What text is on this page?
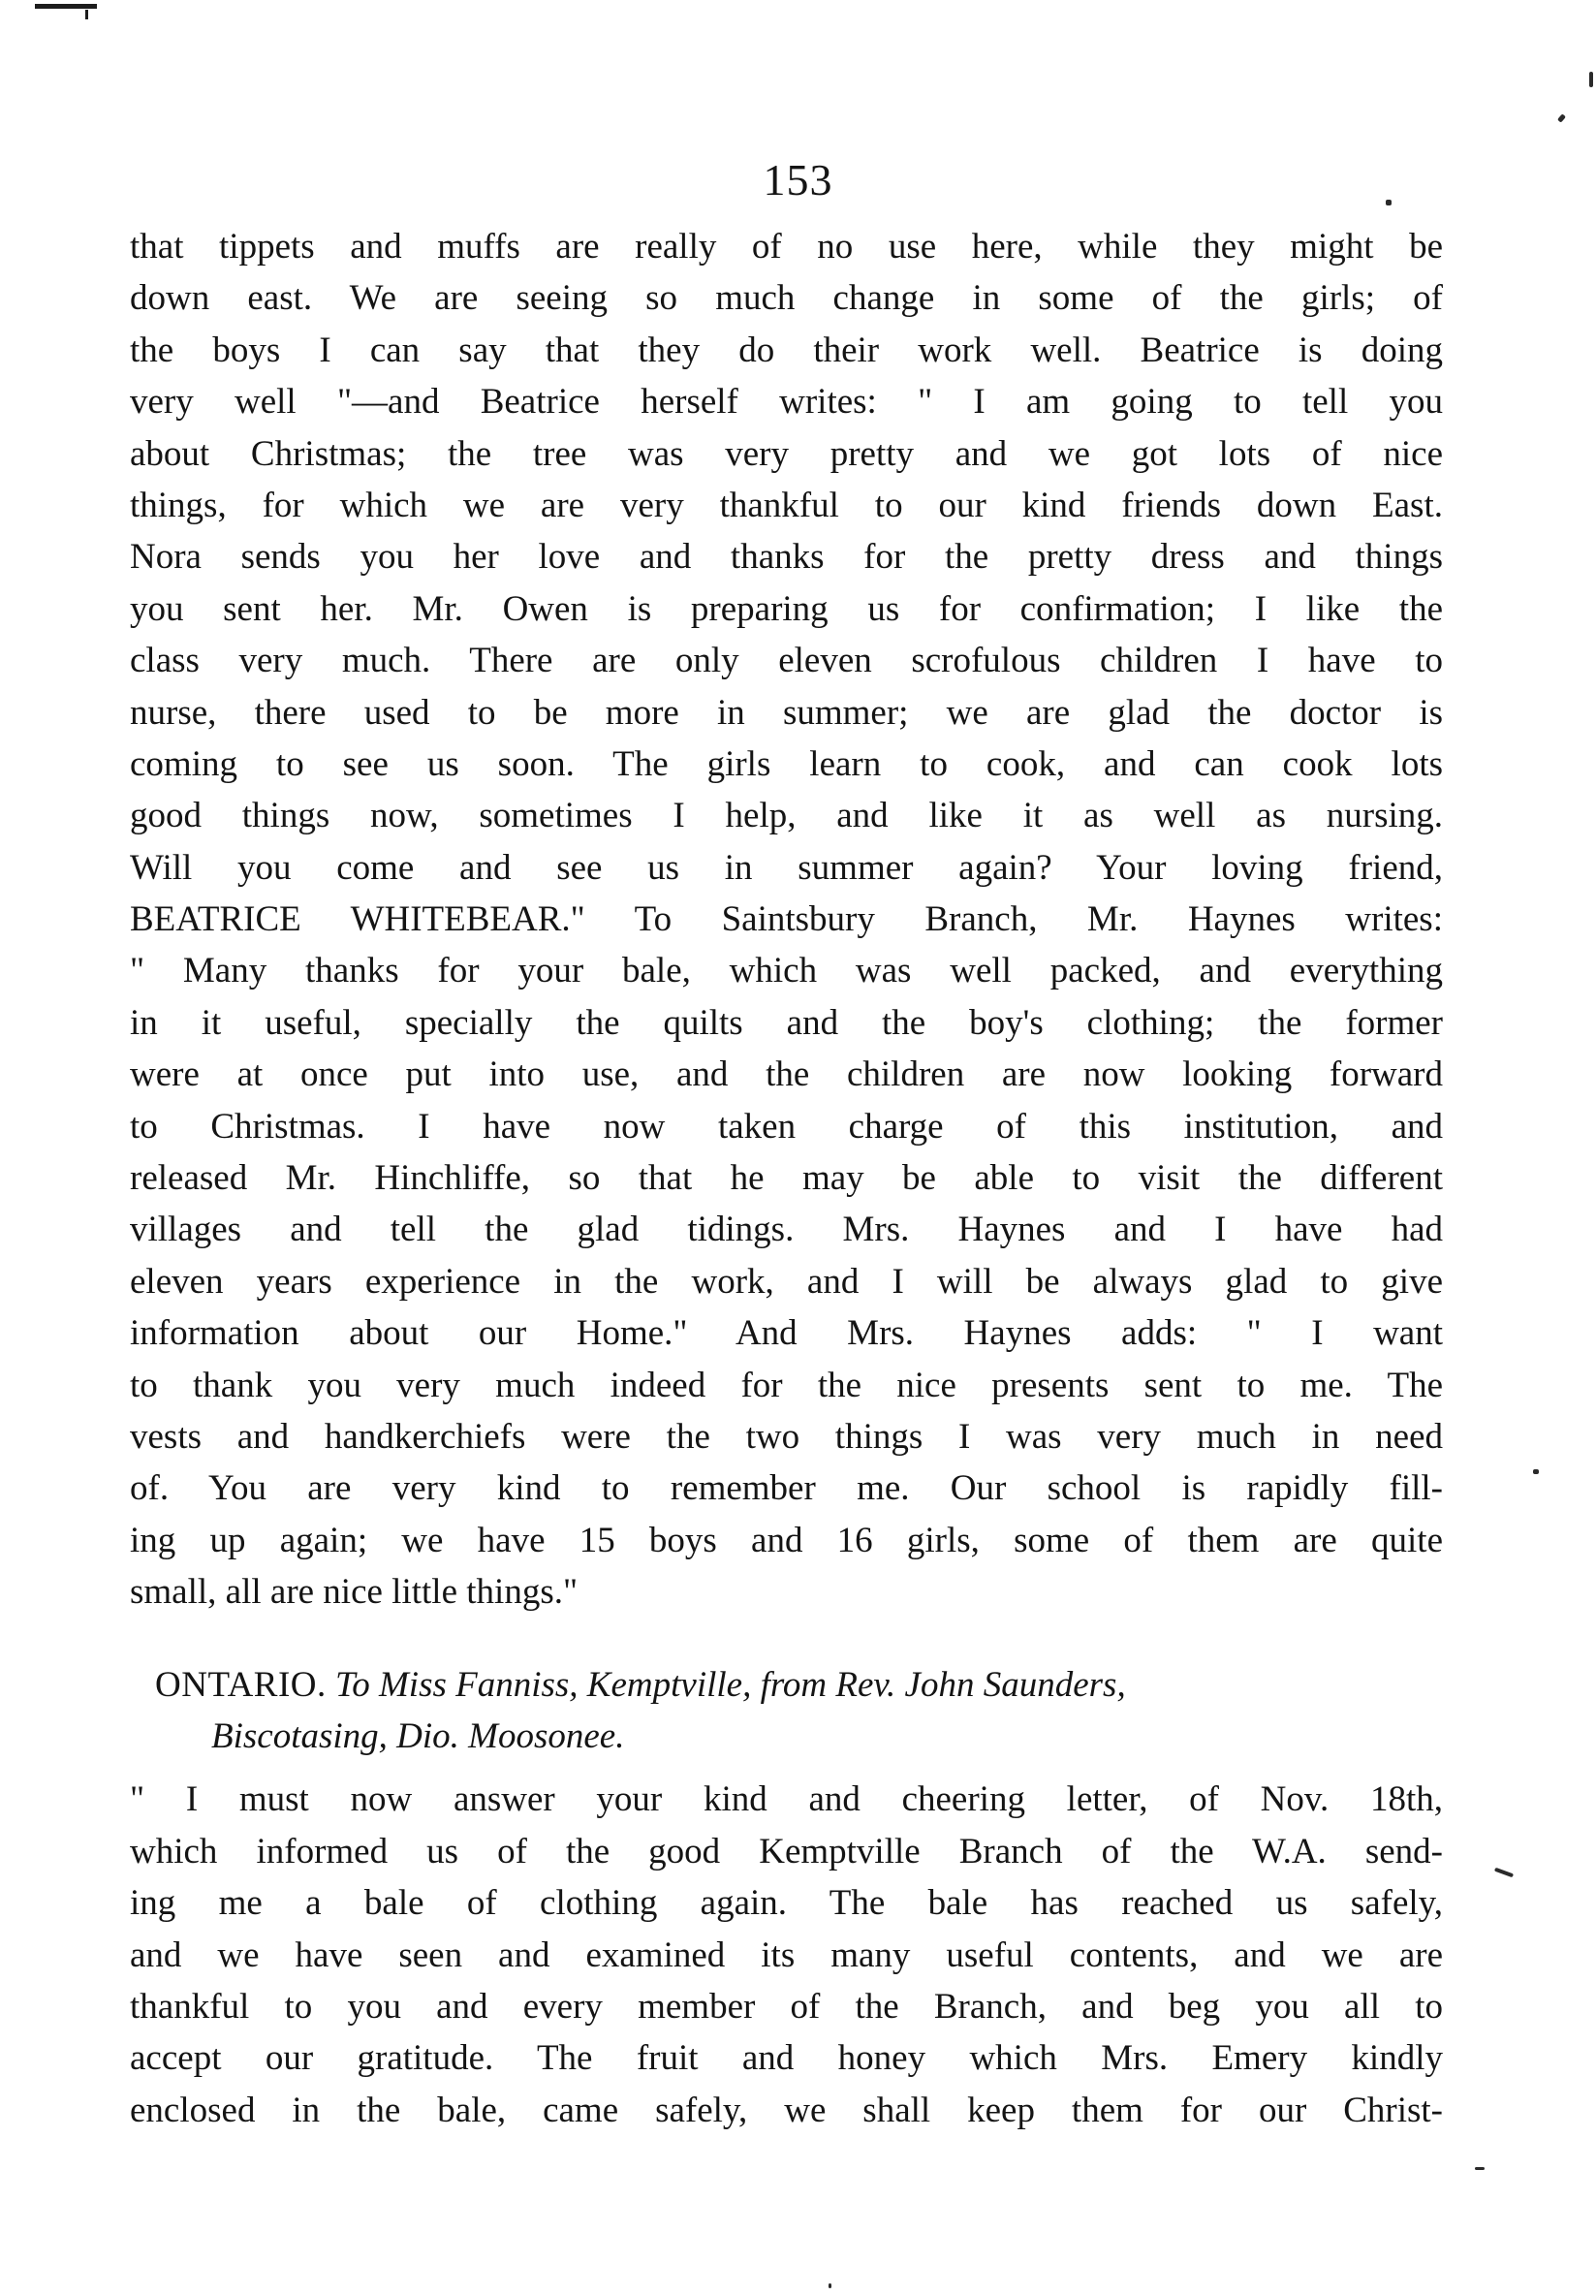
153
that tippets and muffs are really of no use here, while they might be
down east. We are seeing so much change in some of the girls; of
the boys I can say that they do their work well. Beatrice is doing
very well "—and Beatrice herself writes: " I am going to tell you
about Christmas; the tree was very pretty and we got lots of nice
things, for which we are very thankful to our kind friends down East.
Nora sends you her love and thanks for the pretty dress and things
you sent her. Mr. Owen is preparing us for confirmation; I like the
class very much. There are only eleven scrofulous children I have to
nurse, there used to be more in summer; we are glad the doctor is
coming to see us soon. The girls learn to cook, and can cook lots
good things now, sometimes I help, and like it as well as nursing.
Will you come and see us in summer again? Your loving friend,
BEATRICE WHITEBEAR." To Saintsbury Branch, Mr. Haynes writes:
" Many thanks for your bale, which was well packed, and everything
in it useful, specially the quilts and the boy's clothing; the former
were at once put into use, and the children are now looking forward
to Christmas. I have now taken charge of this institution, and
released Mr. Hinchliffe, so that he may be able to visit the different
villages and tell the glad tidings. Mrs. Haynes and I have had
eleven years experience in the work, and I will be always glad to give
information about our Home." And Mrs. Haynes adds: " I want
to thank you very much indeed for the nice presents sent to me. The
vests and handkerchiefs were the two things I was very much in need
of. You are very kind to remember me. Our school is rapidly fill-
ing up again; we have 15 boys and 16 girls, some of them are quite
small, all are nice little things."
ONTARIO. To Miss Fanniss, Kemptville, from Rev. John Saunders,
Biscotasing, Dio. Moosonee.
" I must now answer your kind and cheering letter, of Nov. 18th,
which informed us of the good Kemptville Branch of the W.A. send-
ing me a bale of clothing again. The bale has reached us safely,
and we have seen and examined its many useful contents, and we are
thankful to you and every member of the Branch, and beg you all to
accept our gratitude. The fruit and honey which Mrs. Emery kindly
enclosed in the bale, came safely, we shall keep them for our Christ-
